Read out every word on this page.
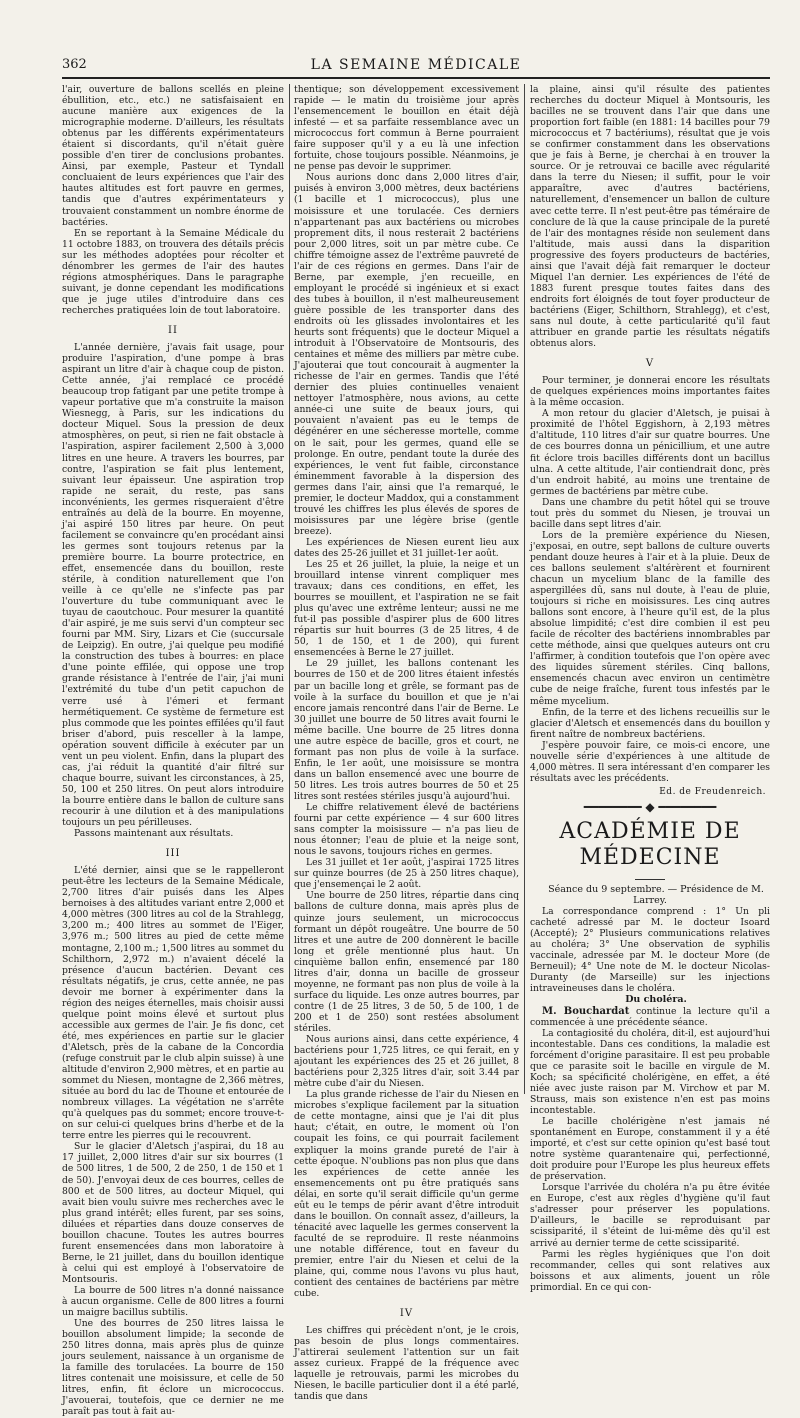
362	LA SEMAINE MÉDICALE

l'air, ouverture de ballons scellés en pleine ébullition, etc., etc.) ne satisfaisaient en aucune manière aux exigences de la micrographie moderne. D'ailleurs, les résultats obtenus par les différents expérimentateurs étaient si discordants, qu'il n'était guère possible d'en tirer de conclusions probantes. Ainsi, par exemple, Pasteur et Tyndall concluaient de leurs expériences que l'air des hautes altitudes est fort pauvre en germes, tandis que d'autres expérimentateurs y trouvaient constamment un nombre énorme de bactéries.

En se reportant à la Semaine Médicale du 11 octobre 1883, on trouvera des détails précis sur les méthodes adoptées pour récolter et dénombrer les germes de l'air des hautes régions atmosphériques. Dans le paragraphe suivant, je donne cependant les modifications que je juge utiles d'introduire dans ces recherches pratiquées loin de tout laboratoire.

II

L'année dernière, j'avais fait usage, pour produire l'aspiration, d'une pompe à bras aspirant un litre d'air à chaque coup de piston. Cette année, j'ai remplacé ce procédé beaucoup trop fatigant par une petite trompe à vapeur portative que m'a construite la maison Wiesnegg, à Paris, sur les indications du docteur Miquel. Sous la pression de deux atmosphères, on peut, si rien ne fait obstacle à l'aspiration, aspirer facilement 2,500 à 3,000 litres en une heure. A travers les bourres, par contre, l'aspiration se fait plus lentement, suivant leur épaisseur. Une aspiration trop rapide ne serait, du reste, pas sans inconvénients, les germes risqueraient d'être entraînés au delà de la bourre. En moyenne, j'ai aspiré 150 litres par heure. On peut facilement se convaincre qu'en procédant ainsi les germes sont toujours retenus par la première bourre. La bourre protectrice, en effet, ensemencée dans du bouillon, reste stérile, à condition naturellement que l'on veille à ce qu'elle ne s'infecte pas par l'ouverture du tube communiquant avec le tuyau de caoutchouc. Pour mesurer la quantité d'air aspiré, je me suis servi d'un compteur sec fourni par MM. Siry, Lizars et Cie (succursale de Leipzig). En outre, j'ai quelque peu modifié la construction des tubes à bourres: en place d'une pointe effilée, qui oppose une trop grande résistance à l'entrée de l'air, j'ai muni l'extrémité du tube d'un petit capuchon de verre usé à l'émeri et fermant hermétiquement. Ce système de fermeture est plus commode que les pointes effilées qu'il faut briser d'abord, puis resceller à la lampe, opération souvent difficile à exécuter par un vent un peu violent. Enfin, dans la plupart des cas, j'ai réduit la quantité d'air filtré sur chaque bourre, suivant les circonstances, à 25, 50, 100 et 250 litres. On peut alors introduire la bourre entière dans le ballon de culture sans recourir à une dilution et à des manipulations toujours un peu périlleuses.

Passons maintenant aux résultats.

III

L'été dernier, ainsi que se le rappelleront peut-être les lecteurs de la Semaine Médicale, 2,700 litres d'air puisés dans les Alpes bernoises à des altitudes variant entre 2,000 et 4,000 mètres (300 litres au col de la Strahlegg, 3,200 m.; 400 litres au sommet de l'Eiger, 3,976 m.; 500 litres au pied de cette même montagne, 2,100 m.; 1,500 litres au sommet du Schilthorn, 2,972 m.) n'avaient décelé la présence d'aucun bactérien. Devant ces résultats négatifs, je crus, cette année, ne pas devoir me borner à expérimenter dans la région des neiges éternelles, mais choisir aussi quelque point moins élevé et surtout plus accessible aux germes de l'air. Je fis donc, cet été, mes expériences en partie sur le glacier d'Aletsch, près de la cabane de la Concordia (refuge construit par le club alpin suisse) à une altitude d'environ 2,900 mètres, et en partie au sommet du Niesen, montagne de 2,366 mètres, située au bord du lac de Thoune et entourée de nombreux villages. La végétation ne s'arrête qu'à quelques pas du sommet; encore trouve-t-on sur celui-ci quelques brins d'herbe et de la terre entre les pierres qui le recouvrent.

Sur le glacier d'Aletsch j'aspirai, du 18 au 17 juillet, 2,000 litres d'air sur six bourres (1 de 500 litres, 1 de 500, 2 de 250, 1 de 150 et 1 de 50). J'envoyai deux de ces bourres, celles de 800 et de 500 litres, au docteur Miquel, qui avait bien voulu suivre mes recherches avec le plus grand intérêt; elles furent, par ses soins, diluées et réparties dans douze conserves de bouillon chacune. Toutes les autres bourres furent ensemencées dans mon laboratoire à Berne, le 21 juillet, dans du bouillon identique à celui qui est employé à l'observatoire de Montsouris.

La bourre de 500 litres n'a donné naissance à aucun organisme. Celle de 800 litres a fourni un maigre bacillus subtilis.

Une des bourres de 250 litres laissa le bouillon absolument limpide; la seconde de 250 litres donna, mais après plus de quinze jours seulement, naissance à un organisme de la famille des torulacées. La bourre de 150 litres contenait une moisissure, et celle de 50 litres, enfin, fit éclore un micrococcus. J'avouerai, toutefois, que ce dernier ne me paraît pas tout à fait au-

thentique; son développement excessivement rapide — le matin du troisième jour après l'ensemencement le bouillon en était déjà infesté — et sa parfaite ressemblance avec un micrococcus fort commun à Berne pourraient faire supposer qu'il y a eu là une infection fortuite, chose toujours possible. Néanmoins, je ne pense pas devoir le supprimer.

Nous aurions donc dans 2,000 litres d'air, puisés à environ 3,000 mètres, deux bactériens (1 bacille et 1 micrococcus), plus une moisissure et une torulacée. Ces derniers n'appartenant pas aux bactériens ou microbes proprement dits, il nous resterait 2 bactériens pour 2,000 litres, soit un par mètre cube. Ce chiffre témoigne assez de l'extrême pauvreté de l'air de ces régions en germes. Dans l'air de Berne, par exemple, j'en recueille, en employant le procédé si ingénieux et si exact des tubes à bouillon, il n'est malheureusement guère possible de les transporter dans des endroits où les glissades involontaires et les heurts sont fréquents) que le docteur Miquel a introduit à l'Observatoire de Montsouris, des centaines et même des milliers par mètre cube. J'ajouterai que tout concourait à augmenter la richesse de l'air en germes. Tandis que l'été dernier des pluies continuelles venaient nettoyer l'atmosphère, nous avions, au cette année-ci une suite de beaux jours, qui pouvaient n'avaient pas eu le temps de dégénérer en une sécheresse mortelle, comme on le sait, pour les germes, quand elle se prolonge. En outre, pendant toute la durée des expériences, le vent fut faible, circonstance éminemment favorable à la dispersion des germes dans l'air, ainsi que l'a remarqué, le premier, le docteur Maddox, qui a constamment trouvé les chiffres les plus élevés de spores de moisissures par une légère brise (gentle breeze).

Les expériences de Niesen eurent lieu aux dates des 25-26 juillet et 31 juillet-1er août.

Les 25 et 26 juillet, la pluie, la neige et un brouillard intense vinrent compliquer mes travaux; dans ces conditions, en effet, les bourres se mouillent, et l'aspiration ne se fait plus qu'avec une extrême lenteur; aussi ne me fut-il pas possible d'aspirer plus de 600 litres répartis sur huit bourres (3 de 25 litres, 4 de 50, 1 de 150, et 1 de 200), qui furent ensemencées à Berne le 27 juillet.

Le 29 juillet, les ballons contenant les bourres de 150 et de 200 litres étaient infestés par un bacille long et grêle, se formant pas de voile à la surface du bouillon et que je n'ai encore jamais rencontré dans l'air de Berne. Le 30 juillet une bourre de 50 litres avait fourni le même bacille. Une bourre de 25 litres donna une autre espèce de bacille, gros et court, ne formant pas non plus de voile à la surface. Enfin, le 1er août, une moisissure se montra dans un ballon ensemencé avec une bourre de 50 litres. Les trois autres bourres de 50 et 25 litres sont restées stériles jusqu'à aujourd'hui.

Le chiffre relativement élevé de bactériens fourni par cette expérience — 4 sur 600 litres sans compter la moisissure — n'a pas lieu de nous étonner; l'eau de pluie et la neige sont, nous le savons, toujours riches en germes.

Les 31 juillet et 1er août, j'aspirai 1725 litres sur quinze bourres (de 25 à 250 litres chaque), que j'ensemençai le 2 août.

Une bourre de 250 litres, répartie dans cinq ballons de culture donna, mais après plus de quinze jours seulement, un micrococcus formant un dépôt rougeâtre. Une bourre de 50 litres et une autre de 200 donnèrent le bacille long et grêle mentionné plus haut. Un cinquième ballon enfin, ensemencé par 180 litres d'air, donna un bacille de grosseur moyenne, ne formant pas non plus de voile à la surface du liquide. Les onze autres bourres, par contre (1 de 25 litres, 3 de 50, 5 de 100, 1 de 200 et 1 de 250) sont restées absolument stériles.

Nous aurions ainsi, dans cette expérience, 4 bactériens pour 1,725 litres, ce qui ferait, en y ajoutant les expériences des 25 et 26 juillet, 8 bactériens pour 2,325 litres d'air, soit 3.44 par mètre cube d'air du Niesen.

La plus grande richesse de l'air du Niesen en microbes s'explique facilement par la situation de cette montagne, ainsi que je l'ai dit plus haut; c'était, en outre, le moment où l'on coupait les foins, ce qui pourrait facilement expliquer la moins grande pureté de l'air à cette époque. N'oublions pas non plus que dans les expériences de cette année les ensemencements ont pu être pratiqués sans délai, en sorte qu'il serait difficile qu'un germe eût eu le temps de périr avant d'être introduit dans le bouillon. On connaît assez, d'ailleurs, la ténacité avec laquelle les germes conservent la faculté de se reproduire. Il reste néanmoins une notable différence, tout en faveur du premier, entre l'air du Niesen et celui de la plaine, qui, comme nous l'avons vu plus haut, contient des centaines de bactériens par mètre cube.

IV

Les chiffres qui précèdent n'ont, je le crois, pas besoin de plus longs commentaires. J'attirerai seulement l'attention sur un fait assez curieux. Frappé de la fréquence avec laquelle je retrouvais, parmi les microbes du Niesen, le bacille particulier dont il a été parlé, tandis que dans

la plaine, ainsi qu'il résulte des patientes recherches du docteur Miquel à Montsouris, les bacilles ne se trouvent dans l'air que dans une proportion fort faible (en 1881: 14 bacilles pour 79 micrococcus et 7 bactériums), résultat que je vois se confirmer constamment dans les observations que je fais à Berne, je cherchai à en trouver la source. Or je retrouvai ce bacille avec régularité dans la terre du Niesen; il suffit, pour le voir apparaître, avec d'autres bactériens, naturellement, d'ensemencer un ballon de culture avec cette terre. Il n'est peut-être pas téméraire de conclure de là que la cause principale de la pureté de l'air des montagnes réside non seulement dans l'altitude, mais aussi dans la disparition progressive des foyers producteurs de bactéries, ainsi que l'avait déjà fait remarquer le docteur Miquel l'an dernier. Les expériences de l'été de 1883 furent presque toutes faites dans des endroits fort éloignés de tout foyer producteur de bactériens (Eiger, Schilthorn, Strahlegg), et c'est, sans nul doute, à cette particularité qu'il faut attribuer en grande partie les résultats négatifs obtenus alors.

V

Pour terminer, je donnerai encore les résultats de quelques expériences moins importantes faites à la même occasion.

A mon retour du glacier d'Aletsch, je puisai à proximité de l'hôtel Eggishorn, à 2,193 mètres d'altitude, 110 litres d'air sur quatre bourres. Une de ces bourres donna un pénicillium, et une autre fit éclore trois bacilles différents dont un bacillus ulna. A cette altitude, l'air contiendrait donc, près d'un endroit habité, au moins une trentaine de germes de bactériens par mètre cube.

Dans une chambre du petit hôtel qui se trouve tout près du sommet du Niesen, je trouvai un bacille dans sept litres d'air.

Lors de la première expérience du Niesen, j'exposai, en outre, sept ballons de culture ouverts pendant douze heures à l'air et à la pluie. Deux de ces ballons seulement s'altérèrent et fournirent chacun un mycelium blanc de la famille des aspergillées dû, sans nul doute, à l'eau de pluie, toujours si riche en moisissures. Les cinq autres ballons sont encore, à l'heure qu'il est, de la plus absolue limpidité; c'est dire combien il est peu facile de récolter des bactériens innombrables par cette méthode, ainsi que quelques auteurs ont cru l'affirmer, à condition toutefois que l'on opère avec des liquides sûrement stériles. Cinq ballons, ensemencés chacun avec environ un centimètre cube de neige fraîche, furent tous infestés par le même mycelium.

Enfin, de la terre et des lichens recueillis sur le glacier d'Aletsch et ensemencés dans du bouillon y firent naître de nombreux bactériens.

J'espère pouvoir faire, ce mois-ci encore, une nouvelle série d'expériences à une altitude de 4,000 mètres. Il sera intéressant d'en comparer les résultats avec les précédents.

Ed. de Freudenreich.
━━━━━━━━ ◆ ━━━━━━━━
ACADÉMIE DE MÉDECINE

Séance du 9 septembre. — Présidence de M. Larrey.

La correspondance comprend : 1° Un pli cacheté adressé par M. le docteur Isoard (Accepté); 2° Plusieurs communications relatives au choléra; 3° Une observation de syphilis vaccinale, adressée par M. le docteur More (de Berneuil); 4° Une note de M. le docteur Nicolas-Duranty (de Marseille) sur les injections intraveineuses dans le choléra.

Du choléra.

M. Bouchardat continue la lecture qu'il a commencée à une précédente séance.

La contagiosité du choléra, dit-il, est aujourd'hui incontestable. Dans ces conditions, la maladie est forcément d'origine parasitaire. Il est peu probable que ce parasite soit le bacille en virgule de M. Koch; sa spécificité cholérigène, en effet, a été niée avec juste raison par M. Virchow et par M. Strauss, mais son existence n'en est pas moins incontestable.

Le bacille cholérigène n'est jamais né spontanément en Europe, constamment il y a été importé, et c'est sur cette opinion qu'est basé tout notre système quarantenaire qui, perfectionné, doit produire pour l'Europe les plus heureux effets de préservation.

Lorsque l'arrivée du choléra n'a pu être évitée en Europe, c'est aux règles d'hygiène qu'il faut s'adresser pour préserver les populations. D'ailleurs, le bacille se reproduisant par scissiparité, il s'éteint de lui-même dès qu'il est arrivé au dernier terme de cette scissiparité.

Parmi les règles hygiéniques que l'on doit recommander, celles qui sont relatives aux boissons et aux aliments, jouent un rôle primordial. En ce qui con-
